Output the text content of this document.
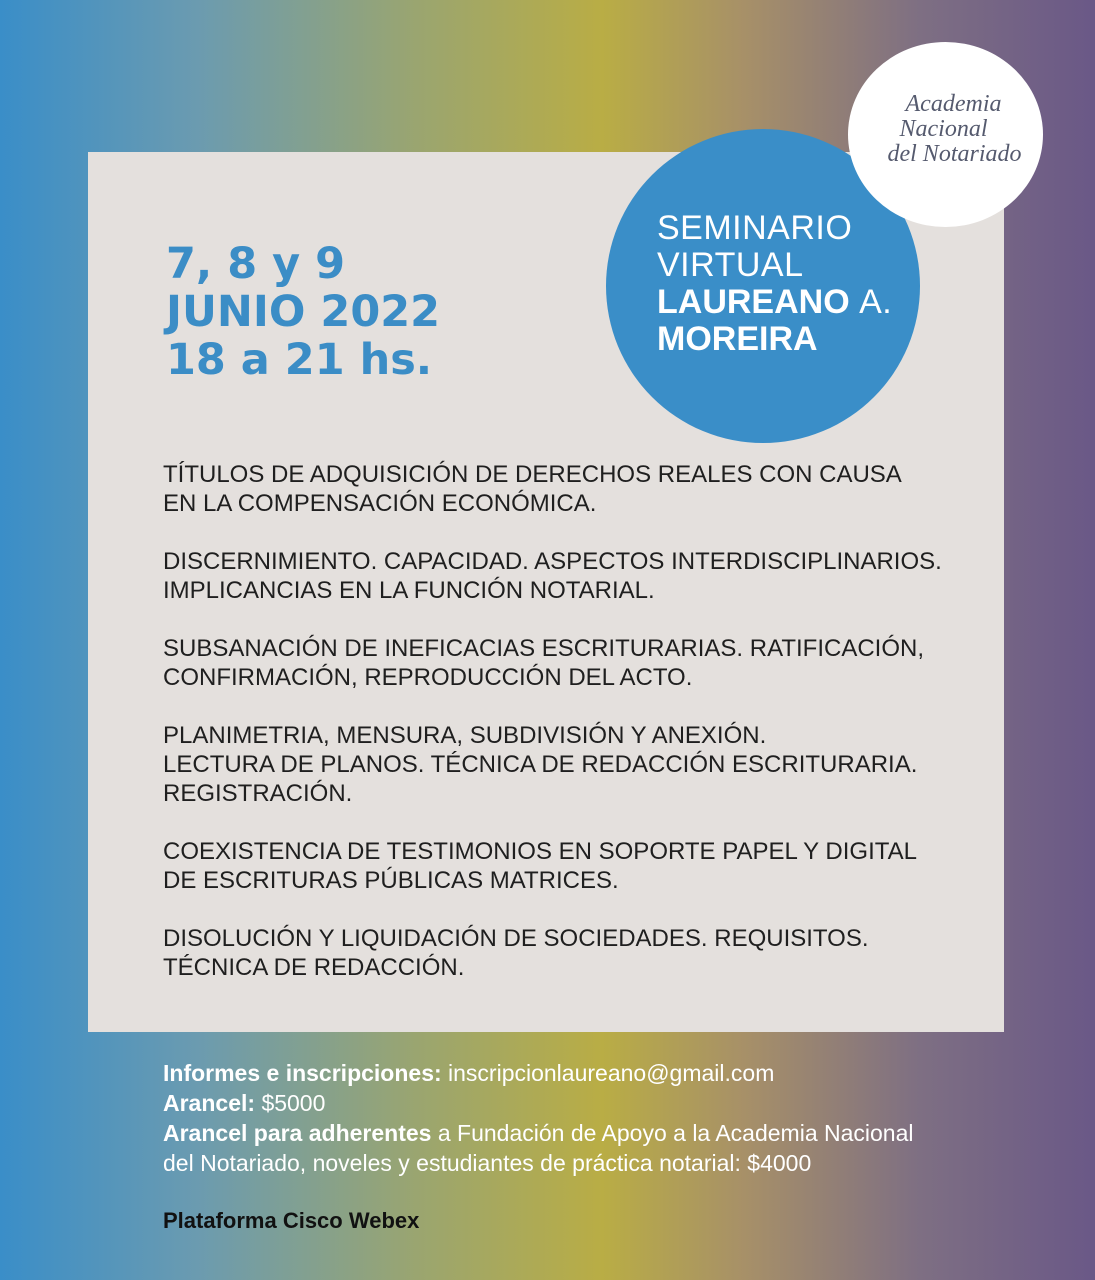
7, 8 y 9
JUNIO 2022
18 a 21 hs.
SEMINARIO
VIRTUAL
LAUREANO A.
MOREIRA
Academia
Nacional
del Notariado
TÍTULOS DE ADQUISICIÓN DE DERECHOS REALES CON CAUSA
EN LA COMPENSACIÓN ECONÓMICA.
DISCERNIMIENTO. CAPACIDAD. ASPECTOS INTERDISCIPLINARIOS.
IMPLICANCIAS EN LA FUNCIÓN NOTARIAL.
SUBSANACIÓN DE INEFICACIAS ESCRITURARIAS. RATIFICACIÓN,
CONFIRMACIÓN, REPRODUCCIÓN DEL ACTO.
PLANIMETRIA, MENSURA, SUBDIVISIÓN Y ANEXIÓN.
LECTURA DE PLANOS. TÉCNICA DE REDACCIÓN ESCRITURARIA.
REGISTRACIÓN.
COEXISTENCIA DE TESTIMONIOS EN SOPORTE PAPEL Y DIGITAL
DE ESCRITURAS PÚBLICAS MATRICES.
DISOLUCIÓN Y LIQUIDACIÓN DE SOCIEDADES. REQUISITOS.
TÉCNICA DE REDACCIÓN.
Informes e inscripciones: inscripcionlaureano@gmail.com
Arancel: $5000
Arancel para adherentes a Fundación de Apoyo a la Academia Nacional
del Notariado, noveles y estudiantes de práctica notarial: $4000
Plataforma Cisco Webex
